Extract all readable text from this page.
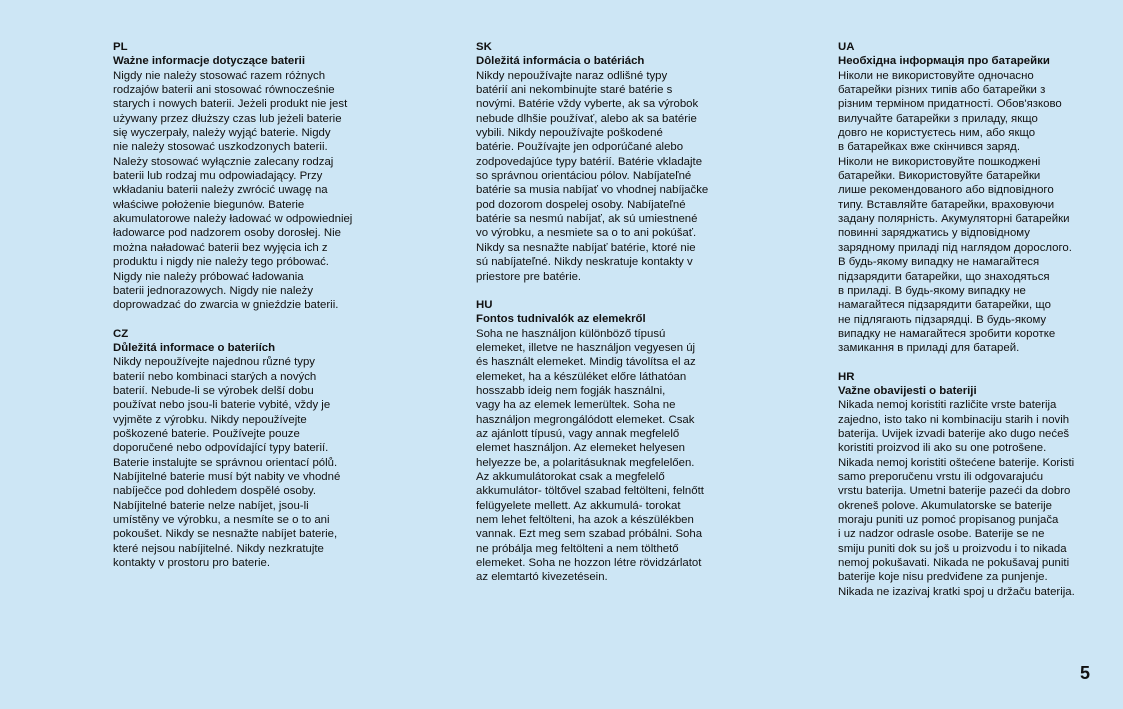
PL
Ważne informacje dotyczące baterii
Nigdy nie należy stosować razem różnych
rodzajów baterii ani stosować równocześnie
starych i nowych baterii. Jeżeli produkt nie jest
używany przez dłuższy czas lub jeżeli baterie
się wyczerpały, należy wyjąć baterie. Nigdy
nie należy stosować uszkodzonych baterii.
Należy stosować wyłącznie zalecany rodzaj
baterii lub rodzaj mu odpowiadający. Przy
wkładaniu baterii należy zwrócić uwagę na
właściwe położenie biegunów. Baterie
akumulatorowe należy ładować w odpowiedniej
ładowarce pod nadzorem osoby dorosłej. Nie
można naładować baterii bez wyjęcia ich z
produktu i nigdy nie należy tego próbować.
Nigdy nie należy próbować ładowania
baterii jednorazowych. Nigdy nie należy
doprowadzać do zwarcia w gnieździe baterii.
CZ
Důležitá informace o bateriích
Nikdy nepoužívejte najednou různé typy
baterií nebo kombinaci starých a nových
baterií. Nebude-li se výrobek delší dobu
používat nebo jsou-li baterie vybité, vždy je
vyjměte z výrobku. Nikdy nepoužívejte
poškozené baterie. Používejte pouze
doporučené nebo odpovídající typy baterií.
Baterie instalujte se správnou orientací pólů.
Nabíjitelné baterie musí být nabity ve vhodné
nabíječce pod dohledem dospělé osoby.
Nabíjitelné baterie nelze nabíjet, jsou-li
umístěny ve výrobku, a nesmíte se o to ani
pokoušet. Nikdy se nesnažte nabíjet baterie,
které nejsou nabíjitelné. Nikdy nezkratujte
kontakty v prostoru pro baterie.
SK
Dôležitá informácia o batériách
Nikdy nepoužívajte naraz odlišné typy
batérií ani nekombinujte staré batérie s
novými. Batérie vždy vyberte, ak sa výrobok
nebude dlhšie používať, alebo ak sa batérie
vybili. Nikdy nepoužívajte poškodené
batérie. Používajte jen odporúčané alebo
zodpovedajúce typy batérií. Batérie vkladajte
so správnou orientáciou pólov. Nabíjateľné
batérie sa musia nabíjať vo vhodnej nabíjačke
pod dozorom dospelej osoby. Nabíjateľné
batérie sa nesmú nabíjať, ak sú umiestnené
vo výrobku, a nesmiete sa o to ani pokúšať.
Nikdy sa nesnažte nabíjať batérie, ktoré nie
sú nabíjateľné. Nikdy neskratuje kontakty v
priestore pre batérie.
HU
Fontos tudnivalók az elemekről
Soha ne használjon különböző típusú
elemeket, illetve ne használjon vegyesen új
és használt elemeket. Mindig távolítsa el az
elemeket, ha a készüléket előre láthatóan
hosszabb ideig nem fogják használni,
vagy ha az elemek lemerültek. Soha ne
használjon megrongálódott elemeket. Csak
az ajánlott típusú, vagy annak megfelelő
elemet használjon. Az elemeket helyesen
helyezze be, a polaritásuknak megfelelően.
Az akkumulátorokat csak a megfelelő
akkumulátor- töltővel szabad feltölteni, felnőtt
felügyelete mellett. Az akkumulá- torokat
nem lehet feltölteni, ha azok a készülékben
vannak. Ezt meg sem szabad próbálni. Soha
ne próbálja meg feltölteni a nem tölthető
elemeket. Soha ne hozzon létre rövidzárlatot
az elemtartó kivezetésein.
UA
Необхідна інформація про батарейки
Ніколи не використовуйте одночасно
батарейки різних типів або батарейки з
різним терміном придатності. Обов'язково
вилучайте батарейки з приладу, якщо
довго не користуєтесь ним, або якщо
в батарейках вже скінчився заряд.
Ніколи не використовуйте пошкоджені
батарейки. Використовуйте батарейки
лише рекомендованого або відповідного
типу. Вставляйте батарейки, враховуючи
задану полярність. Акумуляторні батарейки
повинні заряджатись у відповідному
зарядному приладі під наглядом дорослого.
В будь-якому випадку не намагайтеся
підзарядити батарейки, що знаходяться
в приладі. В будь-якому випадку не
намагайтеся підзарядити батарейки, що
не підлягають підзарядці. В будь-якому
випадку не намагайтеся зробити коротке
замикання в приладі для батарей.
HR
Važne obavijesti o bateriji
Nikada nemoj koristiti različite vrste baterija
zajedno, isto tako ni kombinaciju starih i novih
baterija. Uvijek izvadi baterije ako dugo nećeš
koristiti proizvod ili ako su one potrošene.
Nikada nemoj koristiti oštećene baterije. Koristi
samo preporučenu vrstu ili odgovarajuću
vrstu baterija. Umetni baterije pazeći da dobro
okreneš polove. Akumulatorske se baterije
moraju puniti uz pomoć propisanog punjača
i uz nadzor odrasle osobe. Baterije se ne
smiju puniti dok su još u proizvodu i to nikada
nemoj pokušavati. Nikada ne pokušavaj puniti
baterije koje nisu predviđene za punjenje.
Nikada ne izazivaj kratki spoj u držaču baterija.
5
